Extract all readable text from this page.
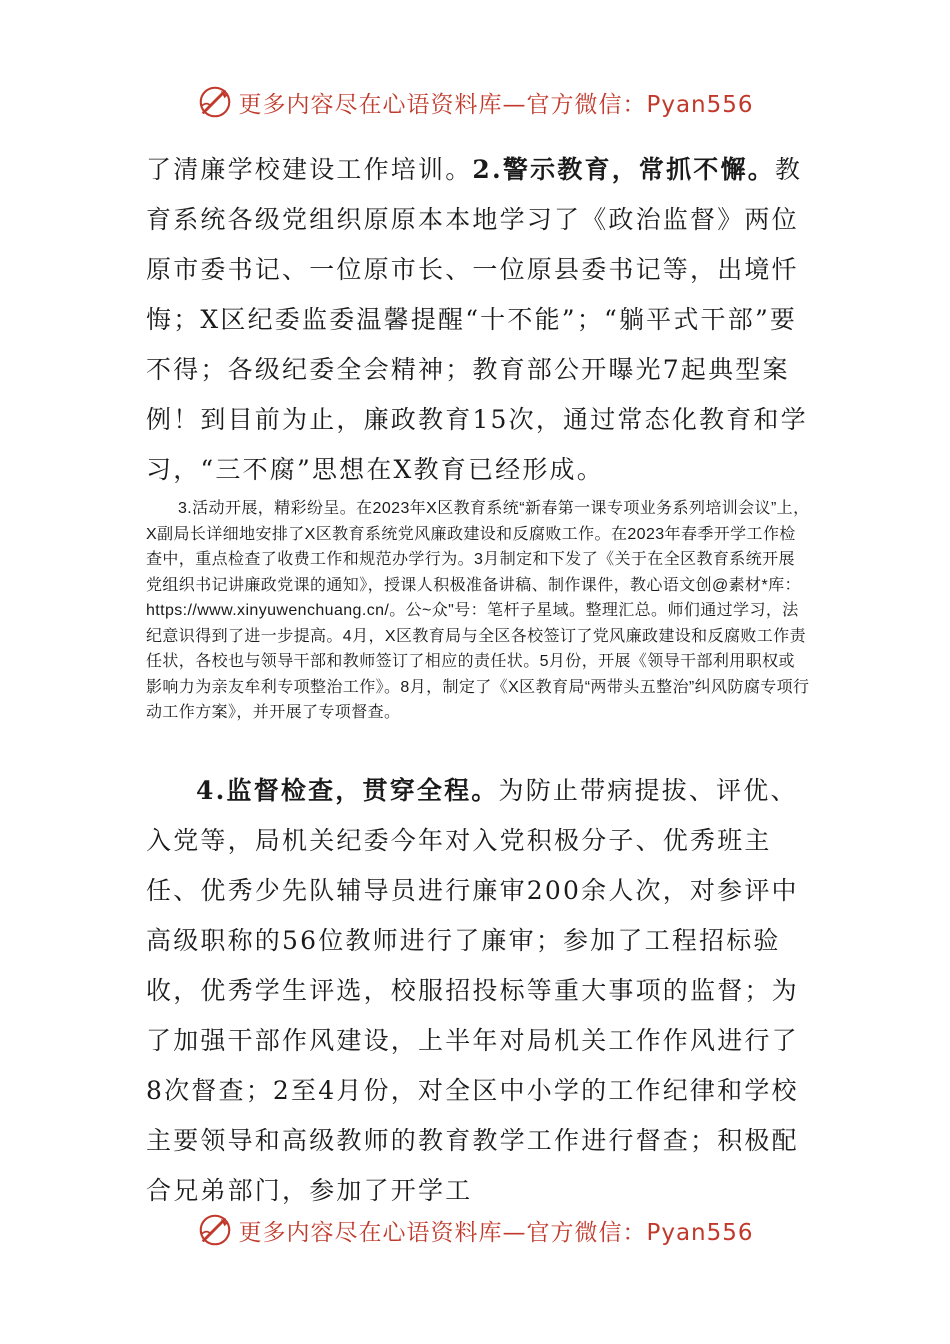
更多内容尽在心语资料库—官方微信：Pyan556

了清廉学校建设工作培训。2.警示教育，常抓不懈。教育系统各级党组织原原本本地学习了《政治监督》两位原市委书记、一位原市长、一位原县委书记等，出境忏悔；X区纪委监委温馨提醒“十不能”；“躺平式干部”要不得；各级纪委全会精神；教育部公开曝光7起典型案例！到目前为止，廉政教育15次，通过常态化教育和学习，“三不腐”思想在X教育已经形成。

3.活动开展，精彩纷呈。在2023年X区教育系统“新春第一课专项业务系列培训会议”上，X副局长详细地安排了X区教育系统党风廉政建设和反腐败工作。在2023年春季开学工作检查中，重点检查了收费工作和规范办学行为。3月制定和下发了《关于在全区教育系统开展党组织书记讲廉政党课的通知》，授课人积极准备讲稿、制作课件，教心语文创@素材*库：https://www.xinyuwenchuang.cn/。公~众"号：笔杆子星域。整理汇总。师们通过学习，法纪意识得到了进一步提高。4月，X区教育局与全区各校签订了党风廉政建设和反腐败工作责任状，各校也与领导干部和教师签订了相应的责任状。5月份，开展《领导干部利用职权或影响力为亲友牟利专项整治工作》。8月，制定了《X区教育局“两带头五整治”纠风防腐专项行动工作方案》，并开展了专项督查。

4.监督检查，贯穿全程。为防止带病提拔、评优、入党等，局机关纪委今年对入党积极分子、优秀班主任、优秀少先队辅导员进行廉审200余人次，对参评中高级职称的56位教师进行了廉审；参加了工程招标验收，优秀学生评选，校服招投标等重大事项的监督；为了加强干部作风建设，上半年对局机关工作作风进行了8次督查；2至4月份，对全区中小学的工作纪律和学校主要领导和高级教师的教育教学工作进行督查；积极配合兄弟部门，参加了开学工

更多内容尽在心语资料库—官方微信：Pyan556
